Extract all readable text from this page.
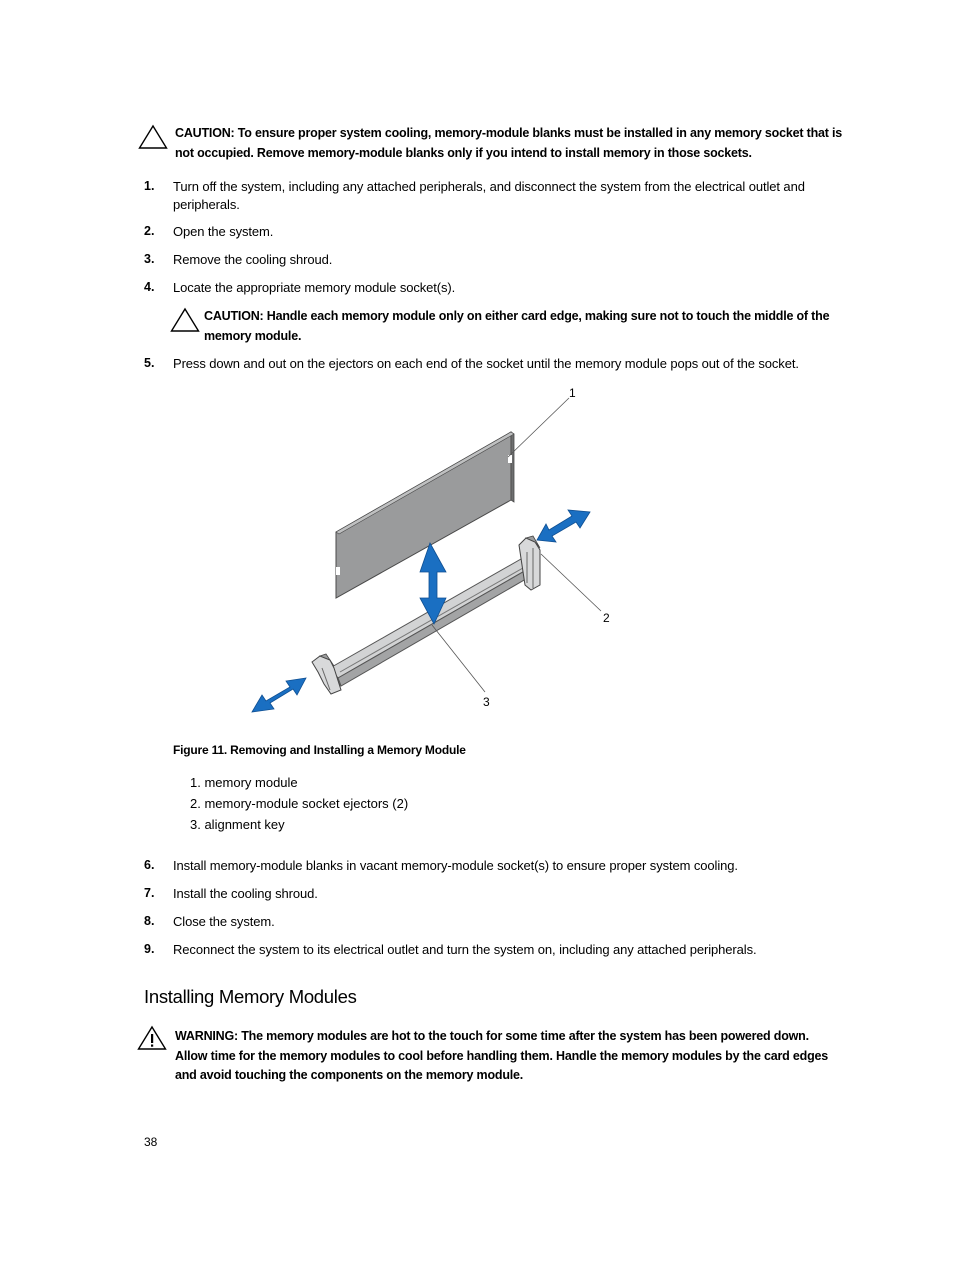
CAUTION: To ensure proper system cooling, memory-module blanks must be installed in any memory socket that is
not occupied. Remove memory-module blanks only if you intend to install memory in those sockets.
1. Turn off the system, including any attached peripherals, and disconnect the system from the electrical outlet and
peripherals.
2. Open the system.
3. Remove the cooling shroud.
4. Locate the appropriate memory module socket(s).
CAUTION: Handle each memory module only on either card edge, making sure not to touch the middle of the
memory module.
5. Press down and out on the ejectors on each end of the socket until the memory module pops out of the socket.
1
2
3
Figure 11. Removing and Installing a Memory Module
1. memory module
2. memory-module socket ejectors (2)
3. alignment key
6. Install memory-module blanks in vacant memory-module socket(s) to ensure proper system cooling.
7. Install the cooling shroud.
8. Close the system.
9. Reconnect the system to its electrical outlet and turn the system on, including any attached peripherals.
Installing Memory Modules
WARNING: The memory modules are hot to the touch for some time after the system has been powered down.
Allow time for the memory modules to cool before handling them. Handle the memory modules by the card edges
and avoid touching the components on the memory module.
38
